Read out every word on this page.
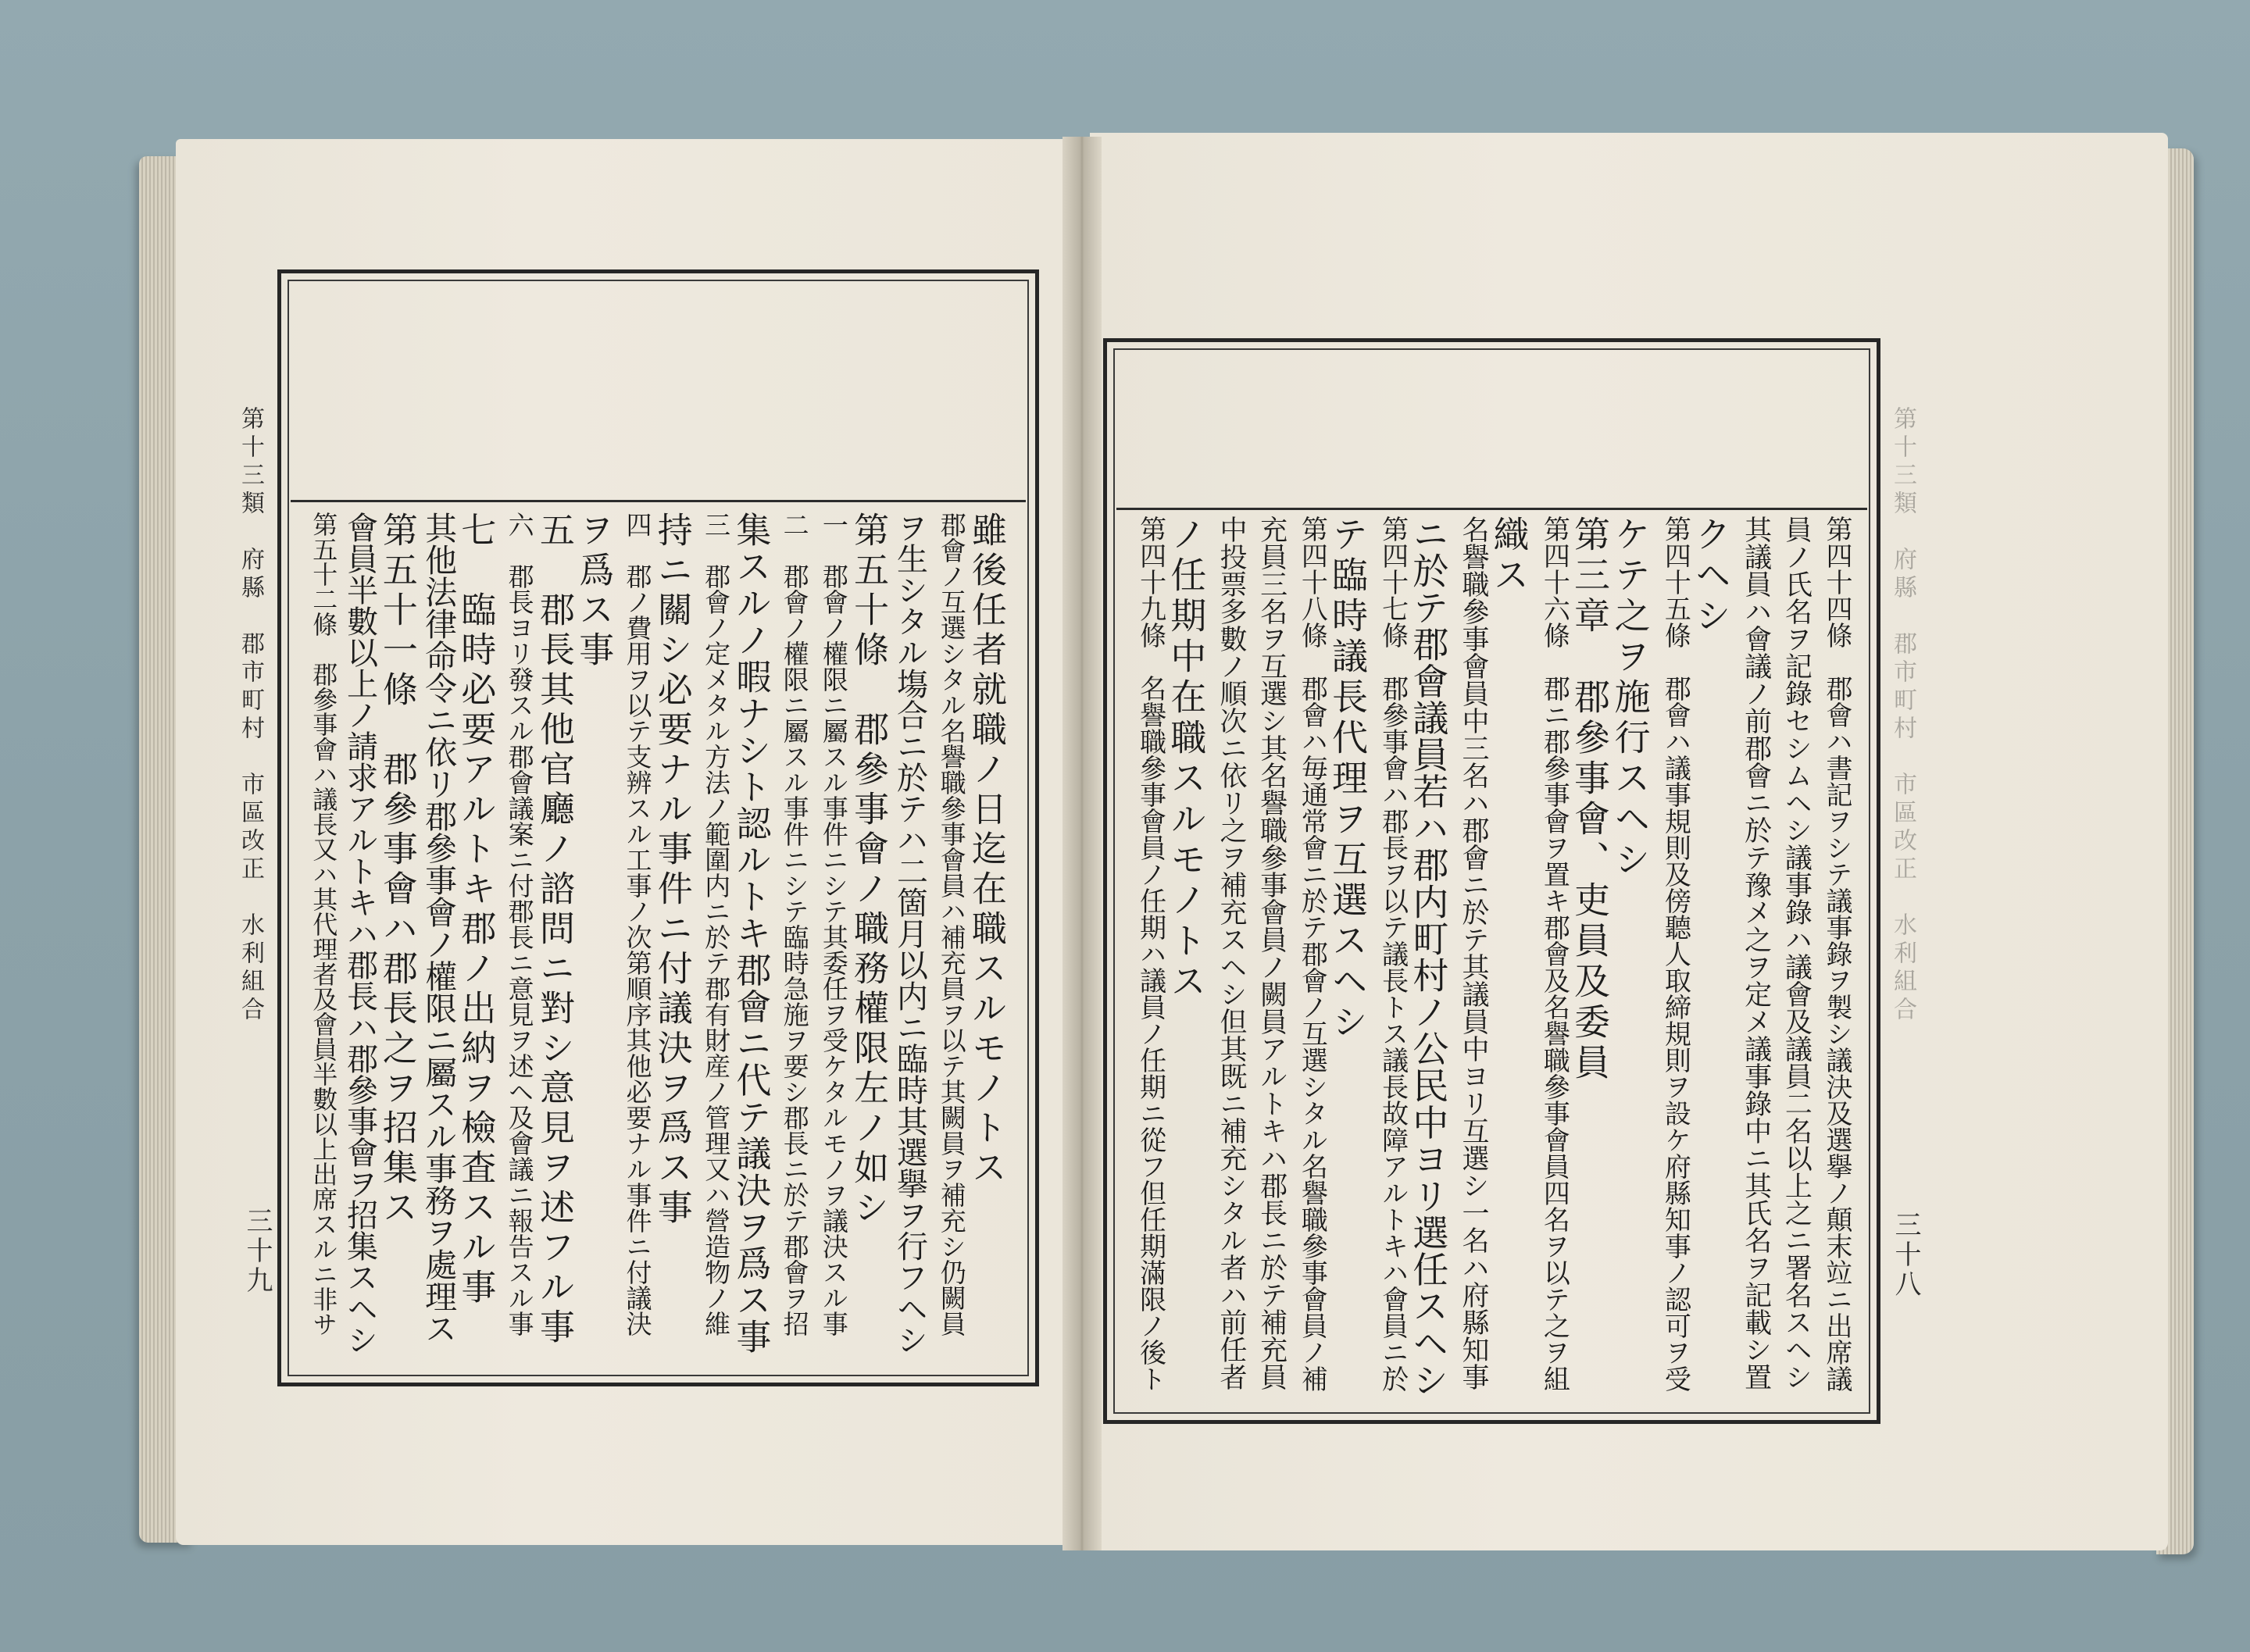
第十三類　府縣　郡市町村　市區改正　水利組合
三十九
雖後任者就職ノ日迄在職スルモノトス
郡會ノ互選シタル名譽職參事會員ハ補充員ヲ以テ其闕員ヲ補充シ仍闕員
ヲ生シタル塲合ニ於テハ二箇月以内ニ臨時其選擧ヲ行フヘシ
第五十條　郡參事會ノ職務權限左ノ如シ
一　郡會ノ權限ニ屬スル事件ニシテ其委任ヲ受ケタルモノヲ議決スル事
二　郡會ノ權限ニ屬スル事件ニシテ臨時急施ヲ要シ郡長ニ於テ郡會ヲ招
集スルノ暇ナシト認ルトキ郡會ニ代テ議決ヲ爲ス事
三　郡會ノ定メタル方法ノ範圍内ニ於テ郡有財産ノ管理又ハ營造物ノ維
持ニ關シ必要ナル事件ニ付議決ヲ爲ス事
四　郡ノ費用ヲ以テ支辨スル工事ノ次第順序其他必要ナル事件ニ付議決
ヲ爲ス事
五　郡長其他官廳ノ諮問ニ對シ意見ヲ述フル事
六　郡長ヨリ發スル郡會議案ニ付郡長ニ意見ヲ述ヘ及會議ニ報告スル事
七　臨時必要アルトキ郡ノ出納ヲ檢査スル事
其他法律命令ニ依リ郡參事會ノ權限ニ屬スル事務ヲ處理ス
第五十一條　郡參事會ハ郡長之ヲ招集ス
會員半數以上ノ請求アルトキハ郡長ハ郡參事會ヲ招集スヘシ
第五十二條　郡參事會ハ議長又ハ其代理者及會員半數以上出席スルニ非サ	第十三類　府縣　郡市町村　市區改正　水利組合
三十八
第四十四條　郡會ハ書記ヲシテ議事錄ヲ製シ議決及選擧ノ顛末竝ニ出席議
員ノ氏名ヲ記錄セシムヘシ議事錄ハ議會及議員二名以上之ニ署名スヘシ
其議員ハ會議ノ前郡會ニ於テ豫メ之ヲ定メ議事錄中ニ其氏名ヲ記載シ置
クヘシ
第四十五條　郡會ハ議事規則及傍聽人取締規則ヲ設ケ府縣知事ノ認可ヲ受
ケテ之ヲ施行スヘシ
第三章　郡參事會、吏員及委員
第四十六條　郡ニ郡參事會ヲ置キ郡會及名譽職參事會員四名ヲ以テ之ヲ組
織ス
名譽職參事會員中三名ハ郡會ニ於テ其議員中ヨリ互選シ一名ハ府縣知事
ニ於テ郡會議員若ハ郡内町村ノ公民中ヨリ選任スヘシ
第四十七條　郡參事會ハ郡長ヲ以テ議長トス議長故障アルトキハ會員ニ於
テ臨時議長代理ヲ互選スヘシ
第四十八條　郡會ハ毎通常會ニ於テ郡會ノ互選シタル名譽職參事會員ノ補
充員三名ヲ互選シ其名譽職參事會員ノ闕員アルトキハ郡長ニ於テ補充員
中投票多數ノ順次ニ依リ之ヲ補充スヘシ但其既ニ補充シタル者ハ前任者
ノ任期中在職スルモノトス
第四十九條　名譽職參事會員ノ任期ハ議員ノ任期ニ從フ但任期滿限ノ後ト
